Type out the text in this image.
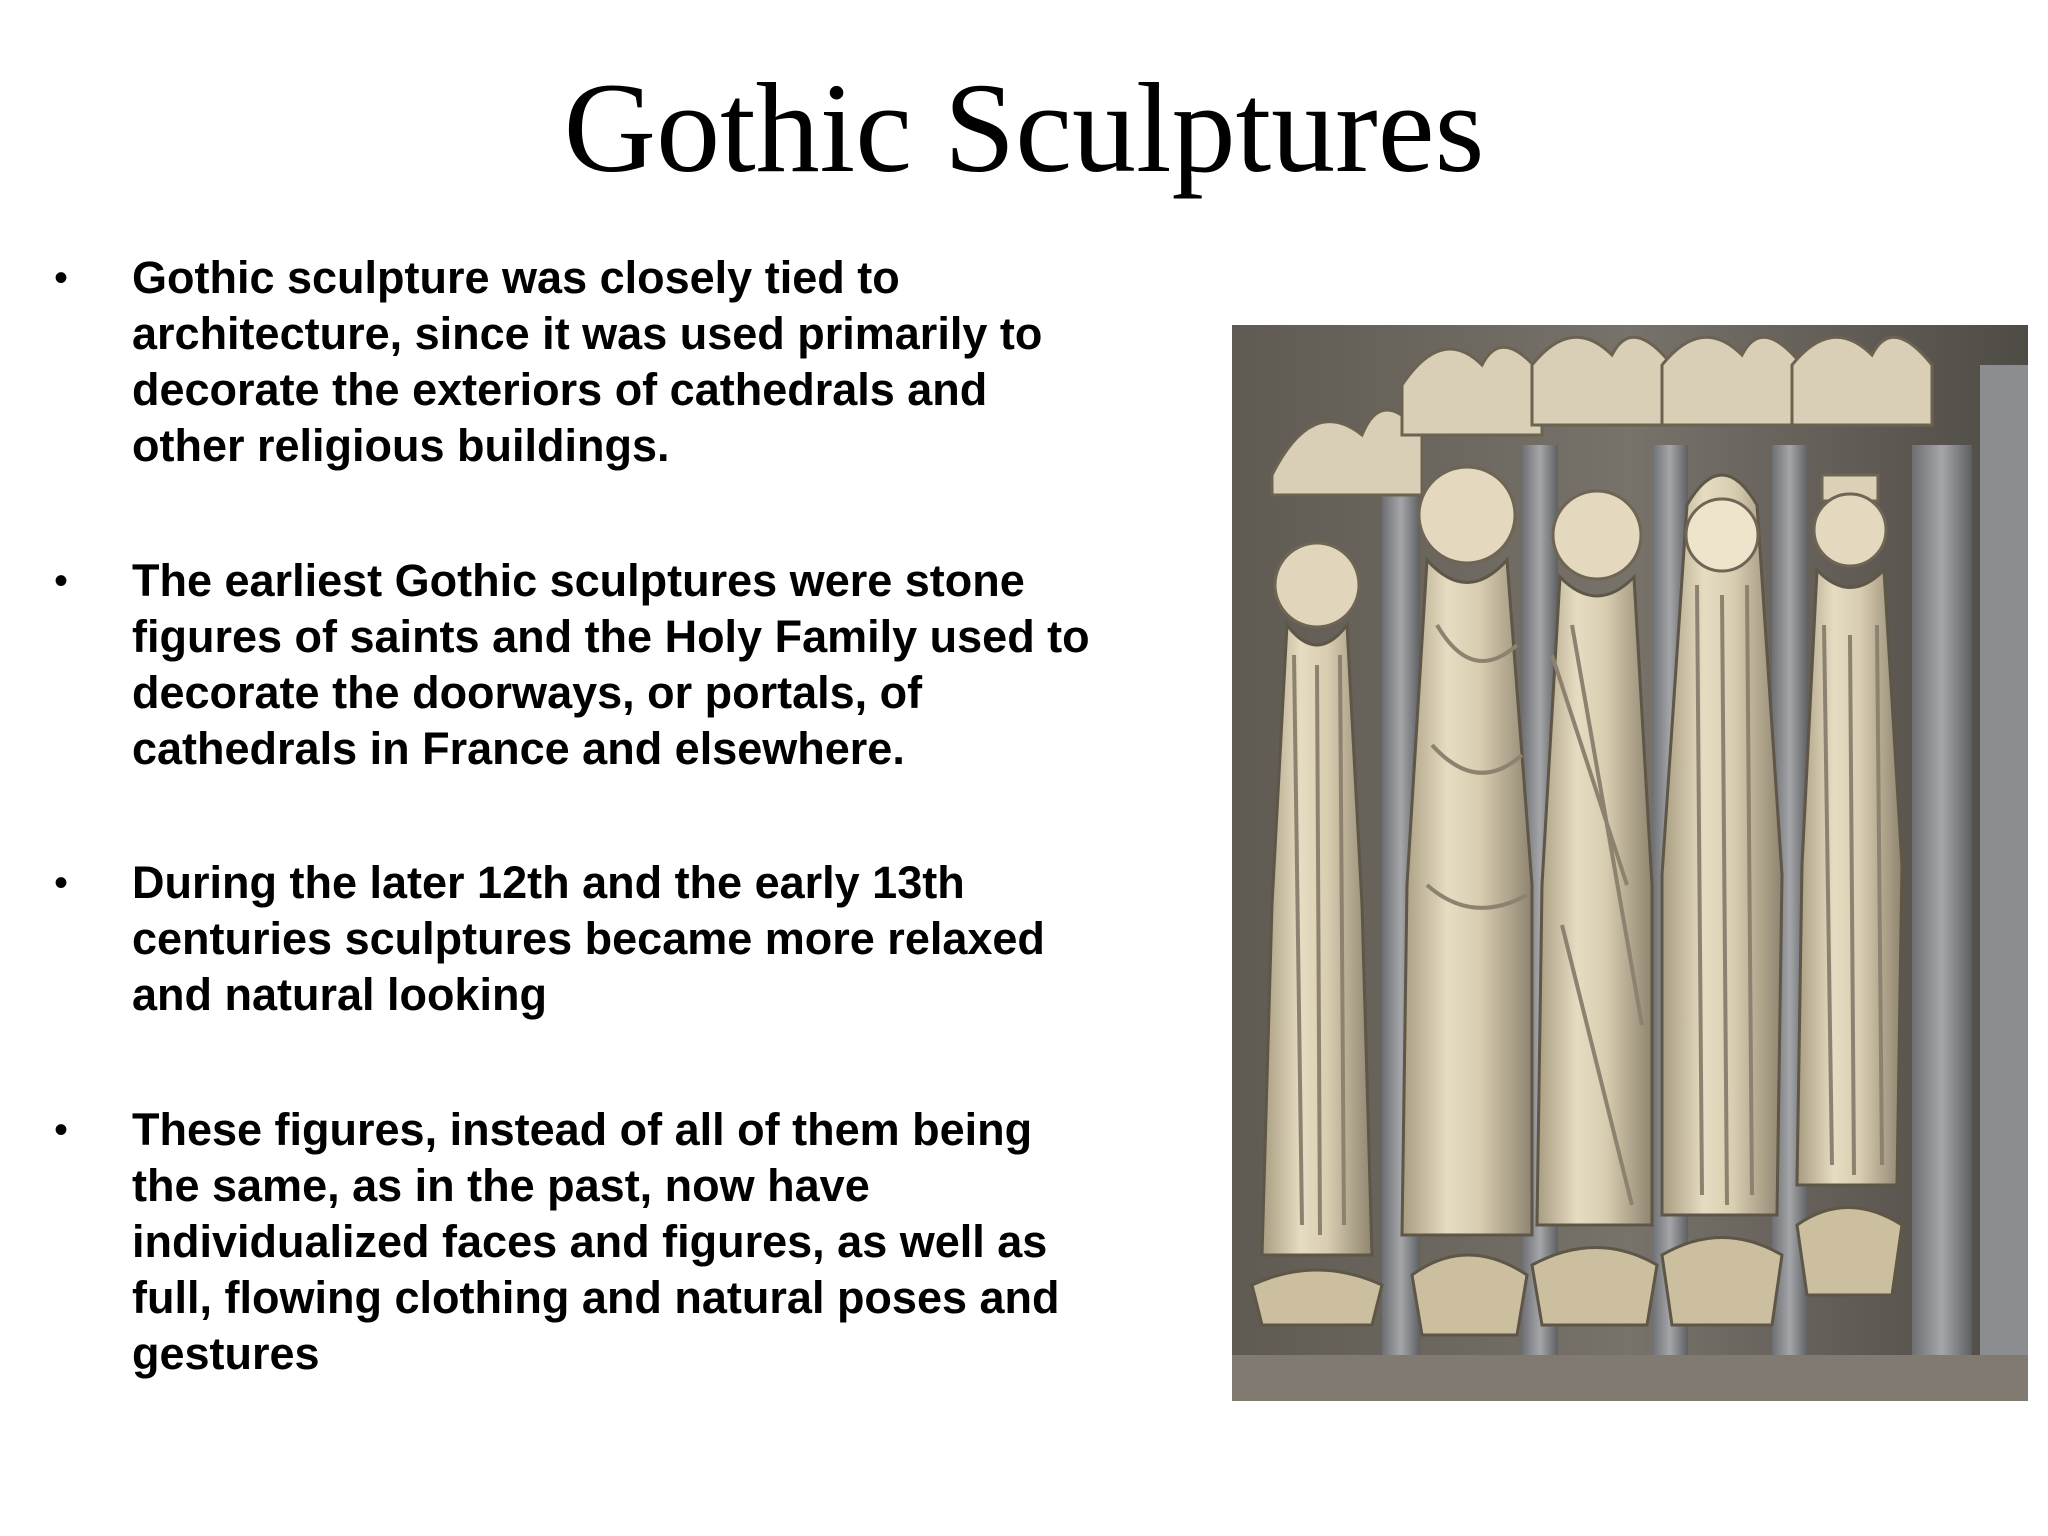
Gothic Sculptures
• Gothic sculpture was closely tied to
architecture, since it was used primarily to
decorate the exteriors of cathedrals and
other religious buildings.
• The earliest Gothic sculptures were stone
figures of saints and the Holy Family used to
decorate the doorways, or portals, of
cathedrals in France and elsewhere.
• During the later 12th and the early 13th
centuries sculptures became more relaxed
and natural looking
• These figures, instead of all of them being
the same, as in the past, now have
individualized faces and figures, as well as
full, flowing clothing and natural poses and
gestures
